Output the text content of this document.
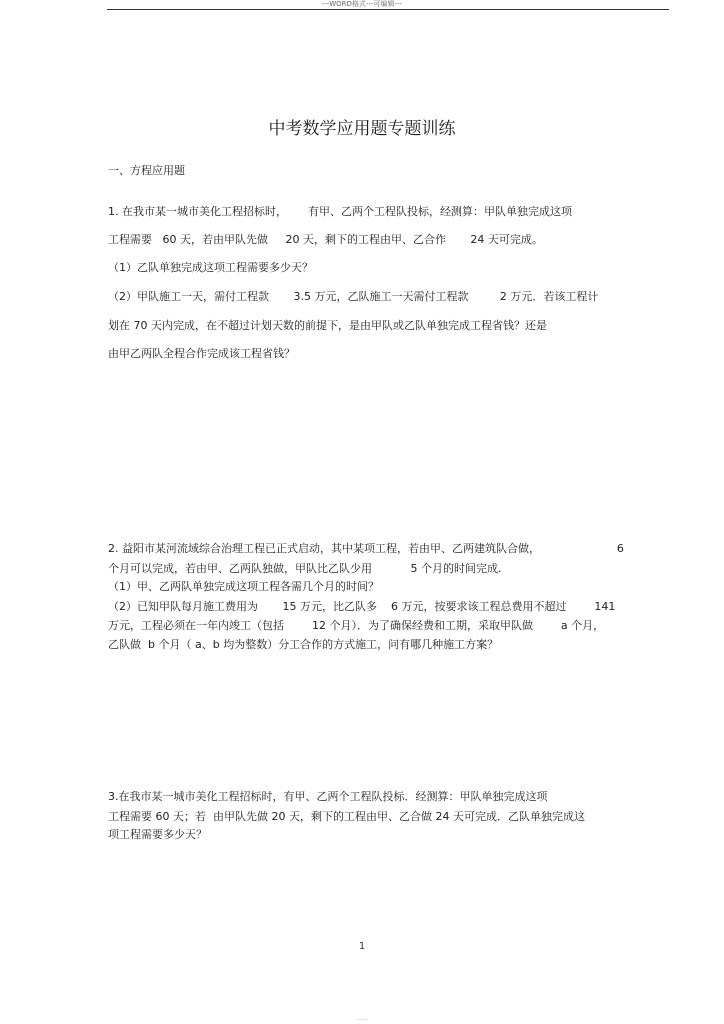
---WORD格式---可编辑---
中考数学应用题专题训练
一、方程应用题
1. 在我市某一城市美化工程招标时，      有甲、乙两个工程队投标，经测算：甲队单独完成这项
工程需要   60 天，若由甲队先做     20 天，剩下的工程由甲、乙合作       24 天可完成。
（1）乙队单独完成这项工程需要多少天？
（2）甲队施工一天，需付工程款       3.5 万元，乙队施工一天需付工程款         2 万元．若该工程计
划在 70 天内完成，在不超过计划天数的前提下，是由甲队或乙队单独完成工程省钱？还是
由甲乙两队全程合作完成该工程省钱？
2. 益阳市某河流域综合治理工程已正式启动，其中某项工程，若由甲、乙两建筑队合做，                      6
个月可以完成，若由甲、乙两队独做，甲队比乙队少用           5 个月的时间完成.
（1）甲、乙两队单独完成这项工程各需几个月的时间？
（2）已知甲队每月施工费用为       15 万元，比乙队多    6 万元，按要求该工程总费用不超过        141
万元，工程必须在一年内竣工（包括        12 个月）．为了确保经费和工期，采取甲队做        a 个月，
乙队做  b 个月（ a、b 均为整数）分工合作的方式施工，问有哪几种施工方案？
3.在我市某一城市美化工程招标时，有甲、乙两个工程队投标．经测算：甲队单独完成这项
工程需要 60 天；若  由甲队先做 20 天，剩下的工程由甲、乙合做 24 天可完成．乙队单独完成这
项工程需要多少天？
1
......
